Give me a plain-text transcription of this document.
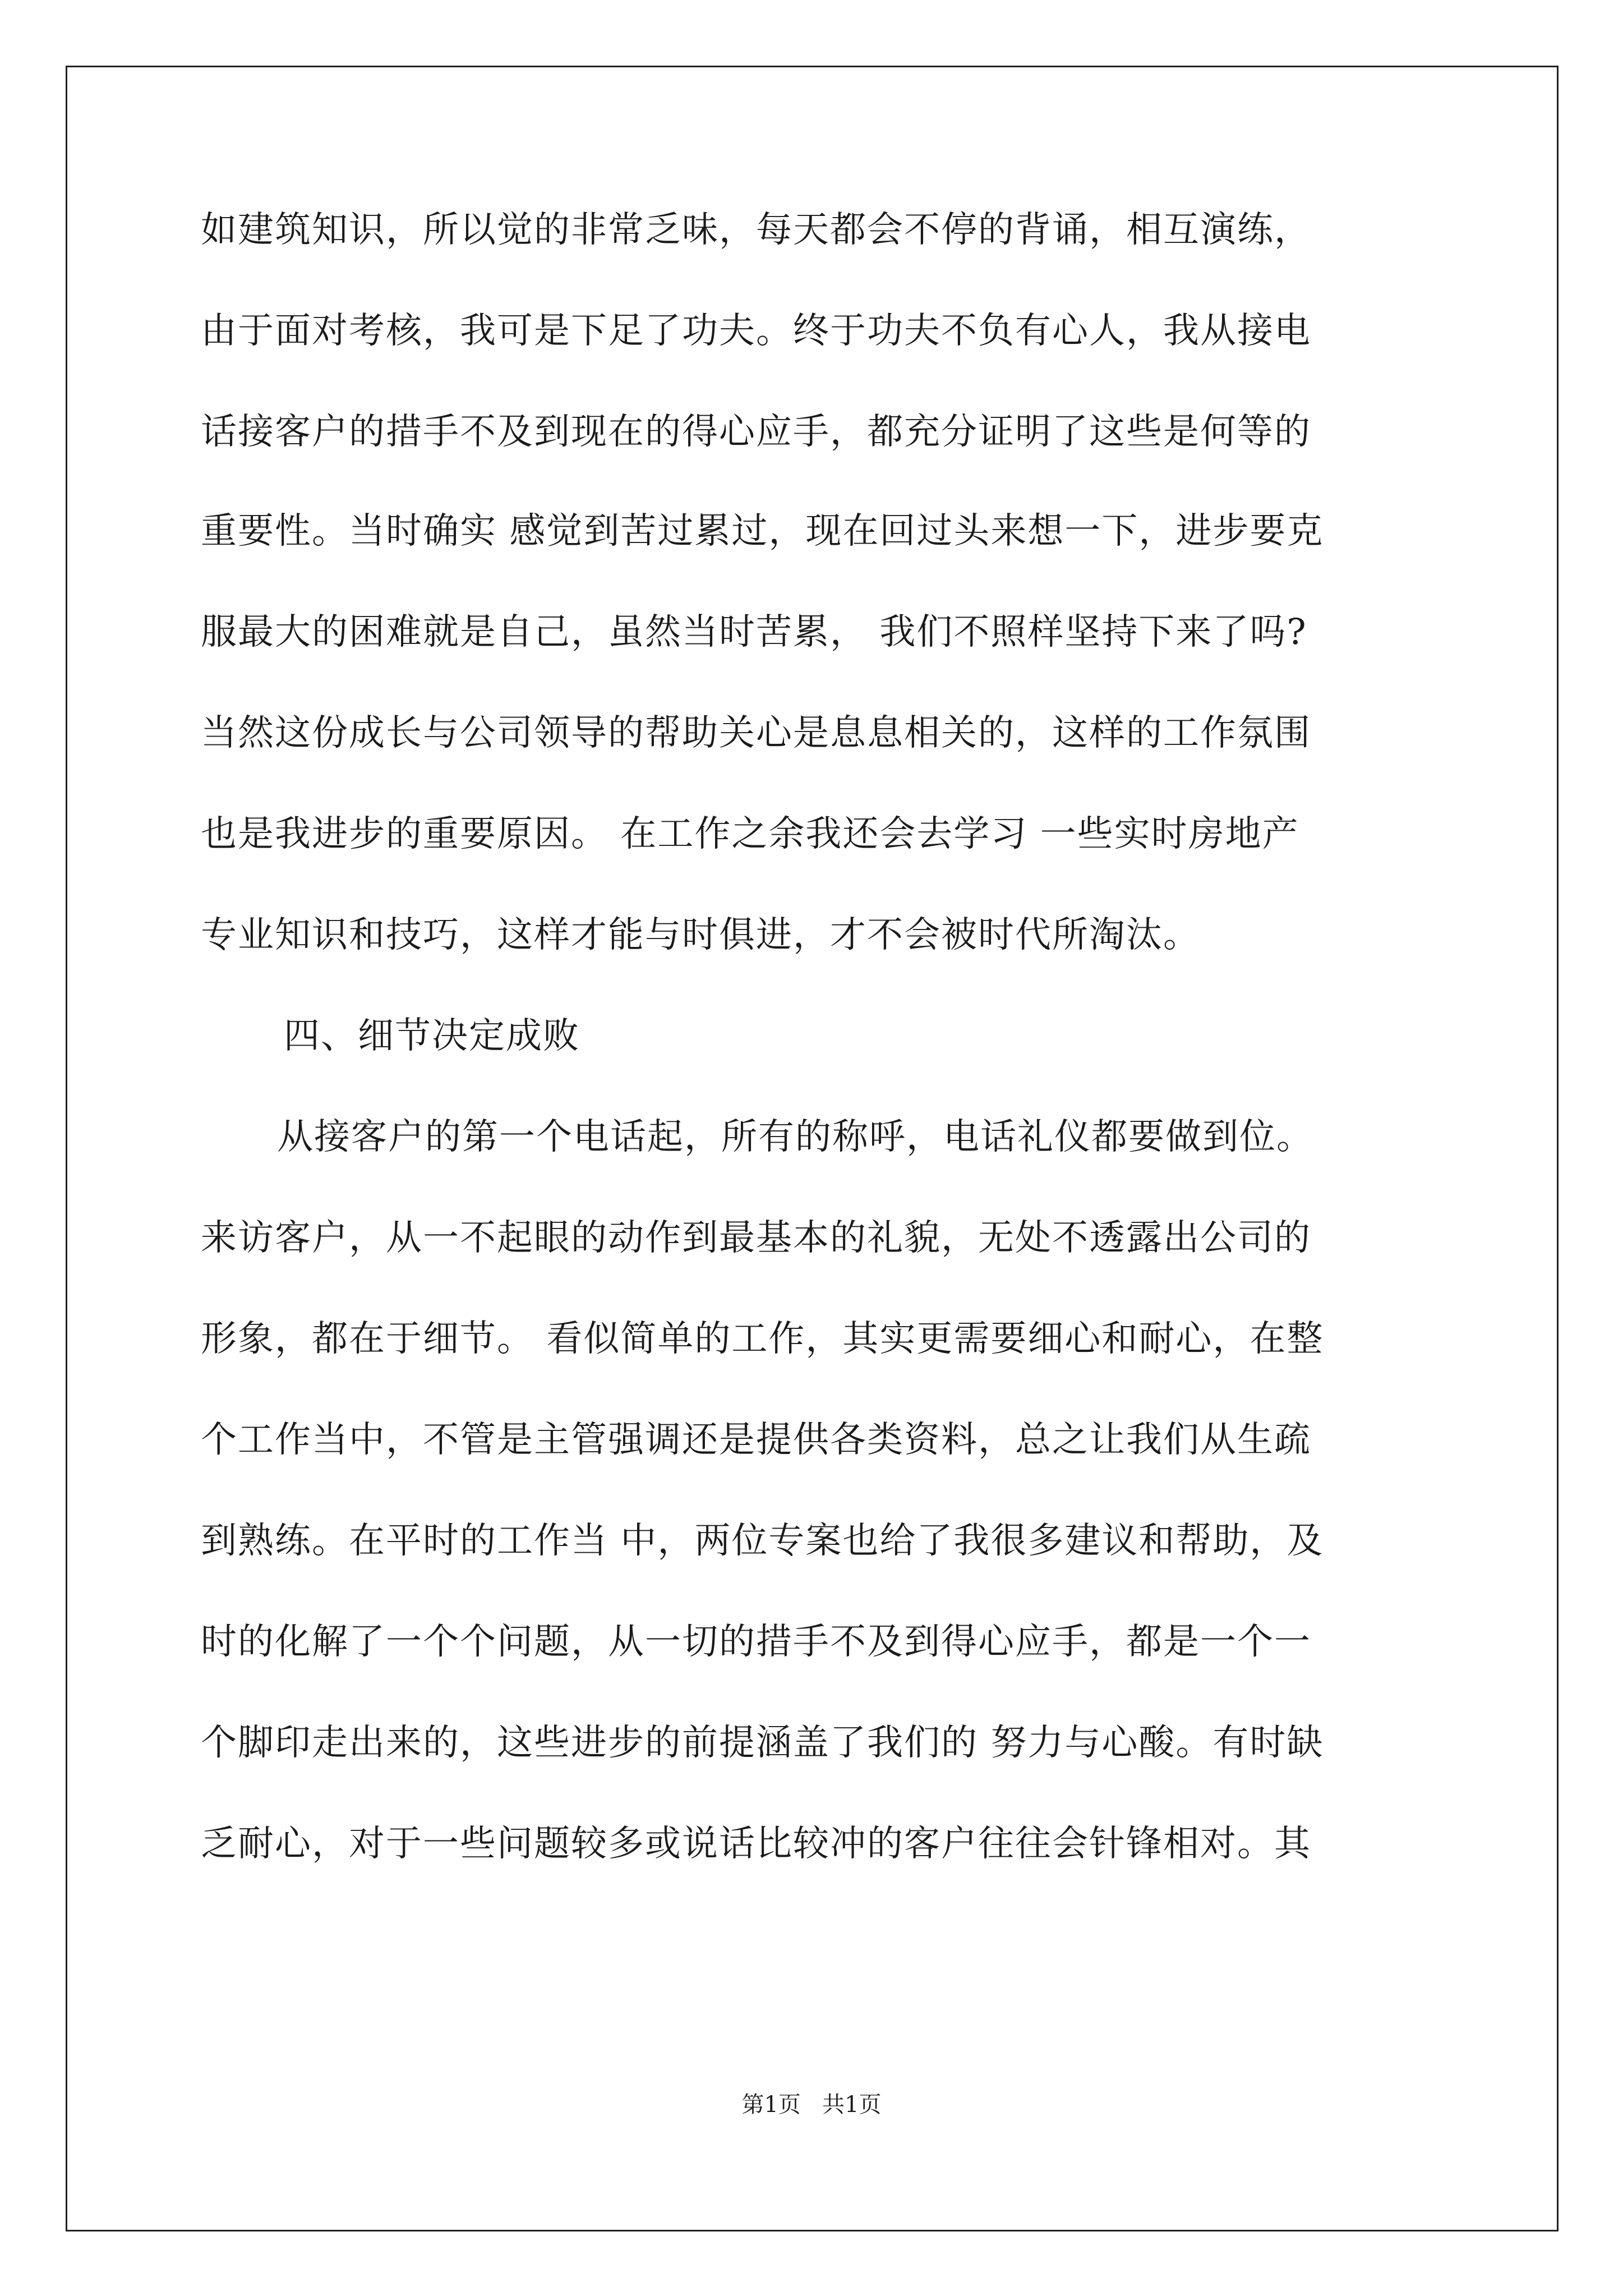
如建筑知识，所以觉的非常乏味，每天都会不停的背诵，相互演练，
由于面对考核，我可是下足了功夫。终于功夫不负有心人，我从接电
话接客户的措手不及到现在的得心应手，都充分证明了这些是何等的
重要性。当时确实 感觉到苦过累过，现在回过头来想一下，进步要克
服最大的困难就是自己，虽然当时苦累， 我们不照样坚持下来了吗?
当然这份成长与公司领导的帮助关心是息息相关的，这样的工作氛围
也是我进步的重要原因。 在工作之余我还会去学习 一些实时房地产
专业知识和技巧，这样才能与时俱进，才不会被时代所淘汰。
四、细节决定成败
从接客户的第一个电话起，所有的称呼，电话礼仪都要做到位。
来访客户，从一不起眼的动作到最基本的礼貌，无处不透露出公司的
形象，都在于细节。 看似简单的工作，其实更需要细心和耐心，在整
个工作当中，不管是主管强调还是提供各类资料，总之让我们从生疏
到熟练。在平时的工作当 中，两位专案也给了我很多建议和帮助，及
时的化解了一个个问题，从一切的措手不及到得心应手，都是一个一
个脚印走出来的，这些进步的前提涵盖了我们的 努力与心酸。有时缺
乏耐心，对于一些问题较多或说话比较冲的客户往往会针锋相对。其
第1页   共1页
